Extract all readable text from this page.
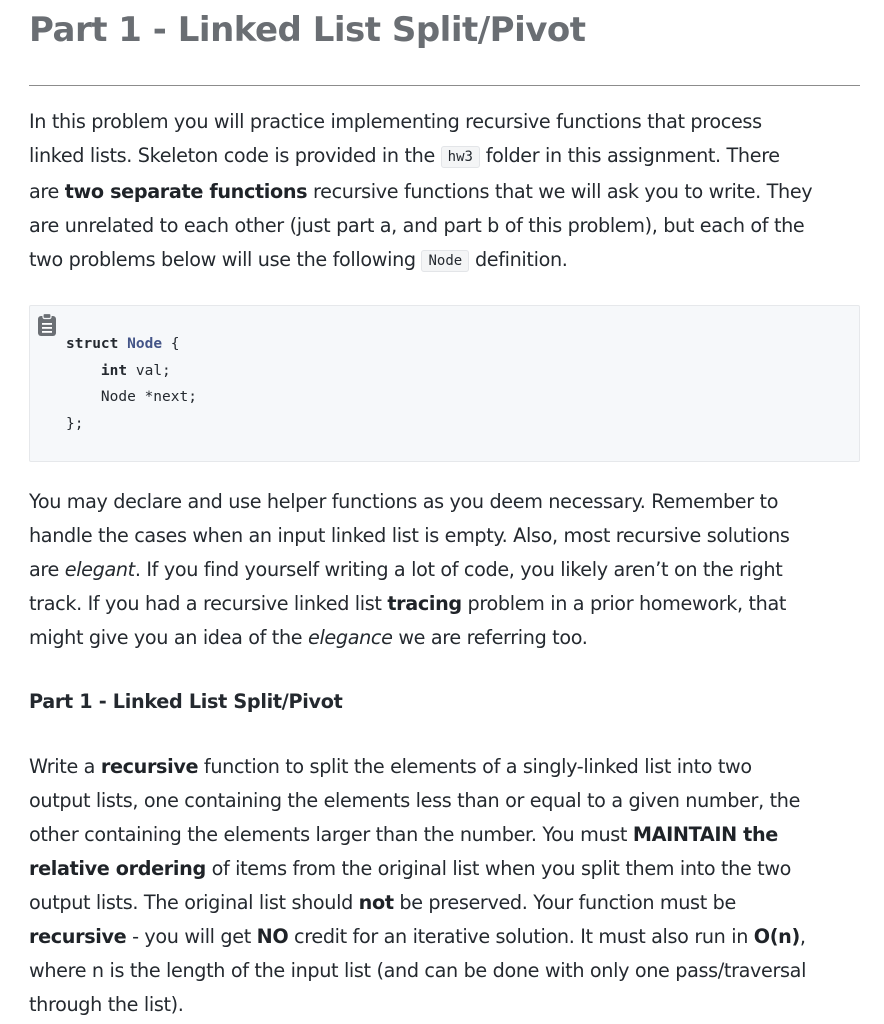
Part 1 - Linked List Split/Pivot

In this problem you will practice implementing recursive functions that process
linked lists. Skeleton code is provided in the hw3 folder in this assignment. There
are two separate functions recursive functions that we will ask you to write. They
are unrelated to each other (just part a, and part b of this problem), but each of the
two problems below will use the following Node definition.

struct Node {
int val;
Node *next;
};

You may declare and use helper functions as you deem necessary. Remember to
handle the cases when an input linked list is empty. Also, most recursive solutions
are elegant. If you find yourself writing a lot of code, you likely aren’t on the right
track. If you had a recursive linked list tracing problem in a prior homework, that
might give you an idea of the elegance we are referring too.

Part 1 - Linked List Split/Pivot

Write a recursive function to split the elements of a singly-linked list into two
output lists, one containing the elements less than or equal to a given number, the
other containing the elements larger than the number. You must MAINTAIN the
relative ordering of items from the original list when you split them into the two
output lists. The original list should not be preserved. Your function must be
recursive - you will get NO credit for an iterative solution. It must also run in O(n),
where n is the length of the input list (and can be done with only one pass/traversal
through the list).
